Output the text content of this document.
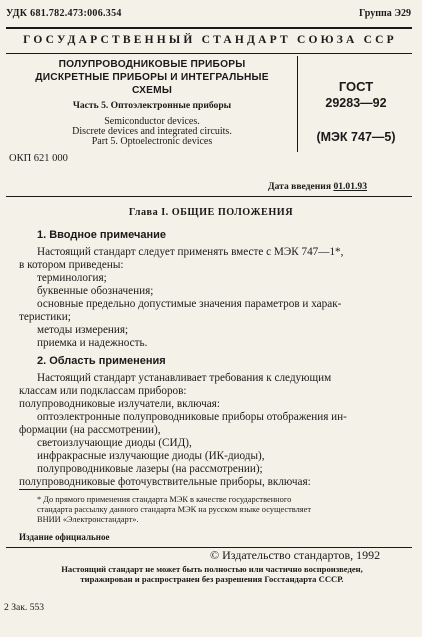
УДК 681.782.473:006.354	Группа Э29
ГОСУДАРСТВЕННЫЙ СТАНДАРТ СОЮЗА ССР
ПОЛУПРОВОДНИКОВЫЕ ПРИБОРЫ
ДИСКРЕТНЫЕ ПРИБОРЫ И ИНТЕГРАЛЬНЫЕ
СХЕМЫ
Часть 5. Оптоэлектронные приборы
Semiconductor devices.
Discrete devices and integrated circuits.
Part 5. Optoelectronic devices
ГОСТ
29283—92
(МЭК 747—5)
ОКП 621 000
Дата введения 01.01.93
Глава I. ОБЩИЕ ПОЛОЖЕНИЯ
1. Вводное примечание
Настоящий стандарт следует применять вместе с МЭК 747—1*,
в котором приведены:
терминология;
буквенные обозначения;
основные предельно допустимые значения параметров и харак-
теристики;
методы измерения;
приемка и надежность.
2. Область применения
Настоящий стандарт устанавливает требования к следующим
классам или подклассам приборов:
полупроводниковые излучатели, включая:
оптоэлектронные полупроводниковые приборы отображения ин-
формации (на рассмотрении),
светоизлучающие диоды (СИД),
инфракрасные излучающие диоды (ИК-диоды),
полупроводниковые лазеры (на рассмотрении);
полупроводниковые фоточувствительные приборы, включая:
* До прямого применения стандарта МЭК в качестве государственного
стандарта рассылку данного стандарта МЭК на русском языке осуществляет
ВНИИ «Электронстандарт».
Издание официальное
© Издательство стандартов, 1992
Настоящий стандарт не может быть полностью или частично воспроизведен,
тиражирован и распространен без разрешения Госстандарта СССР.
2 Зак. 553
